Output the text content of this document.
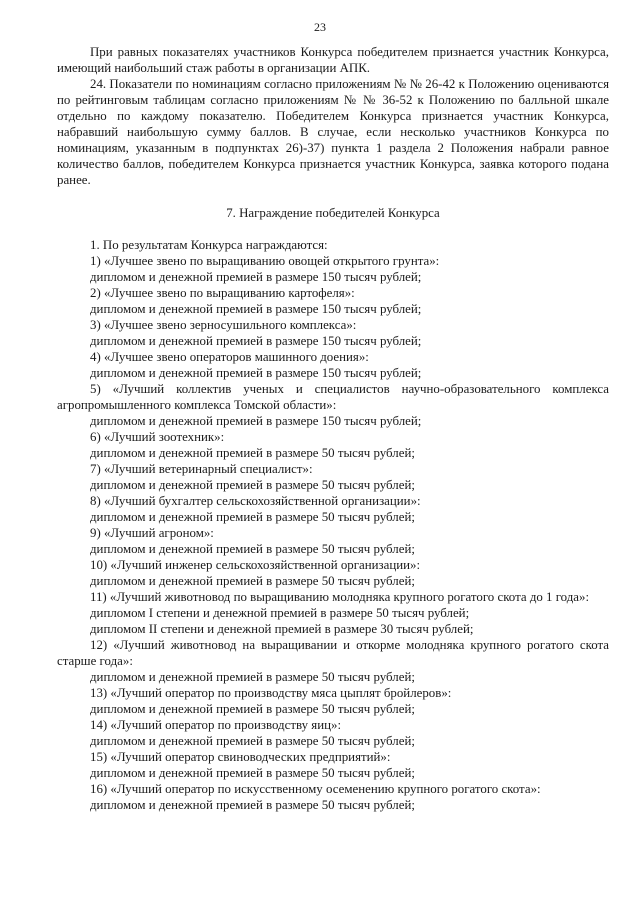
23

При равных показателях участников Конкурса победителем признается участник Конкурса, имеющий наибольший стаж работы в организации АПК.

24. Показатели по номинациям согласно приложениям № № 26-42 к Положению оцениваются по рейтинговым таблицам согласно приложениям № № 36-52 к Положению по балльной шкале отдельно по каждому показателю. Победителем Конкурса признается участник Конкурса, набравший наибольшую сумму баллов. В случае, если несколько участников Конкурса по номинациям, указанным в подпунктах 26)-37) пункта 1 раздела 2 Положения набрали равное количество баллов, победителем Конкурса признается участник Конкурса, заявка которого подана ранее.

7. Награждение победителей Конкурса

1. По результатам Конкурса награждаются:

1) «Лучшее звено по выращиванию овощей открытого грунта»:

дипломом и денежной премией в размере 150 тысяч рублей;

2) «Лучшее звено по выращиванию картофеля»:

дипломом и денежной премией в размере 150 тысяч рублей;

3) «Лучшее звено зерносушильного комплекса»:

дипломом и денежной премией в размере 150 тысяч рублей;

4) «Лучшее звено операторов машинного доения»:

дипломом и денежной премией в размере 150 тысяч рублей;

5) «Лучший коллектив ученых и специалистов научно-образовательного комплекса агропромышленного комплекса Томской области»:

дипломом и денежной премией в размере 150 тысяч рублей;

6) «Лучший зоотехник»:

дипломом и денежной премией в размере 50 тысяч рублей;

7) «Лучший ветеринарный специалист»:

дипломом и денежной премией в размере 50 тысяч рублей;

8) «Лучший бухгалтер сельскохозяйственной организации»:

дипломом и денежной премией в размере 50 тысяч рублей;

9) «Лучший агроном»:

дипломом и денежной премией в размере 50 тысяч рублей;

10) «Лучший инженер сельскохозяйственной организации»:

дипломом и денежной премией в размере 50 тысяч рублей;

11) «Лучший животновод по выращиванию молодняка крупного рогатого скота до 1 года»:

дипломом I степени и денежной премией в размере 50 тысяч рублей;

дипломом II степени и денежной премией в размере 30 тысяч рублей;

12) «Лучший животновод на выращивании и откорме молодняка крупного рогатого скота старше года»:

дипломом и денежной премией в размере 50 тысяч рублей;

13) «Лучший оператор по производству мяса цыплят бройлеров»:

дипломом и денежной премией в размере 50 тысяч рублей;

14) «Лучший оператор по производству яиц»:

дипломом и денежной премией в размере 50 тысяч рублей;

15) «Лучший оператор свиноводческих предприятий»:

дипломом и денежной премией в размере 50 тысяч рублей;

16) «Лучший оператор по искусственному осеменению крупного рогатого скота»:

дипломом и денежной премией в размере 50 тысяч рублей;
